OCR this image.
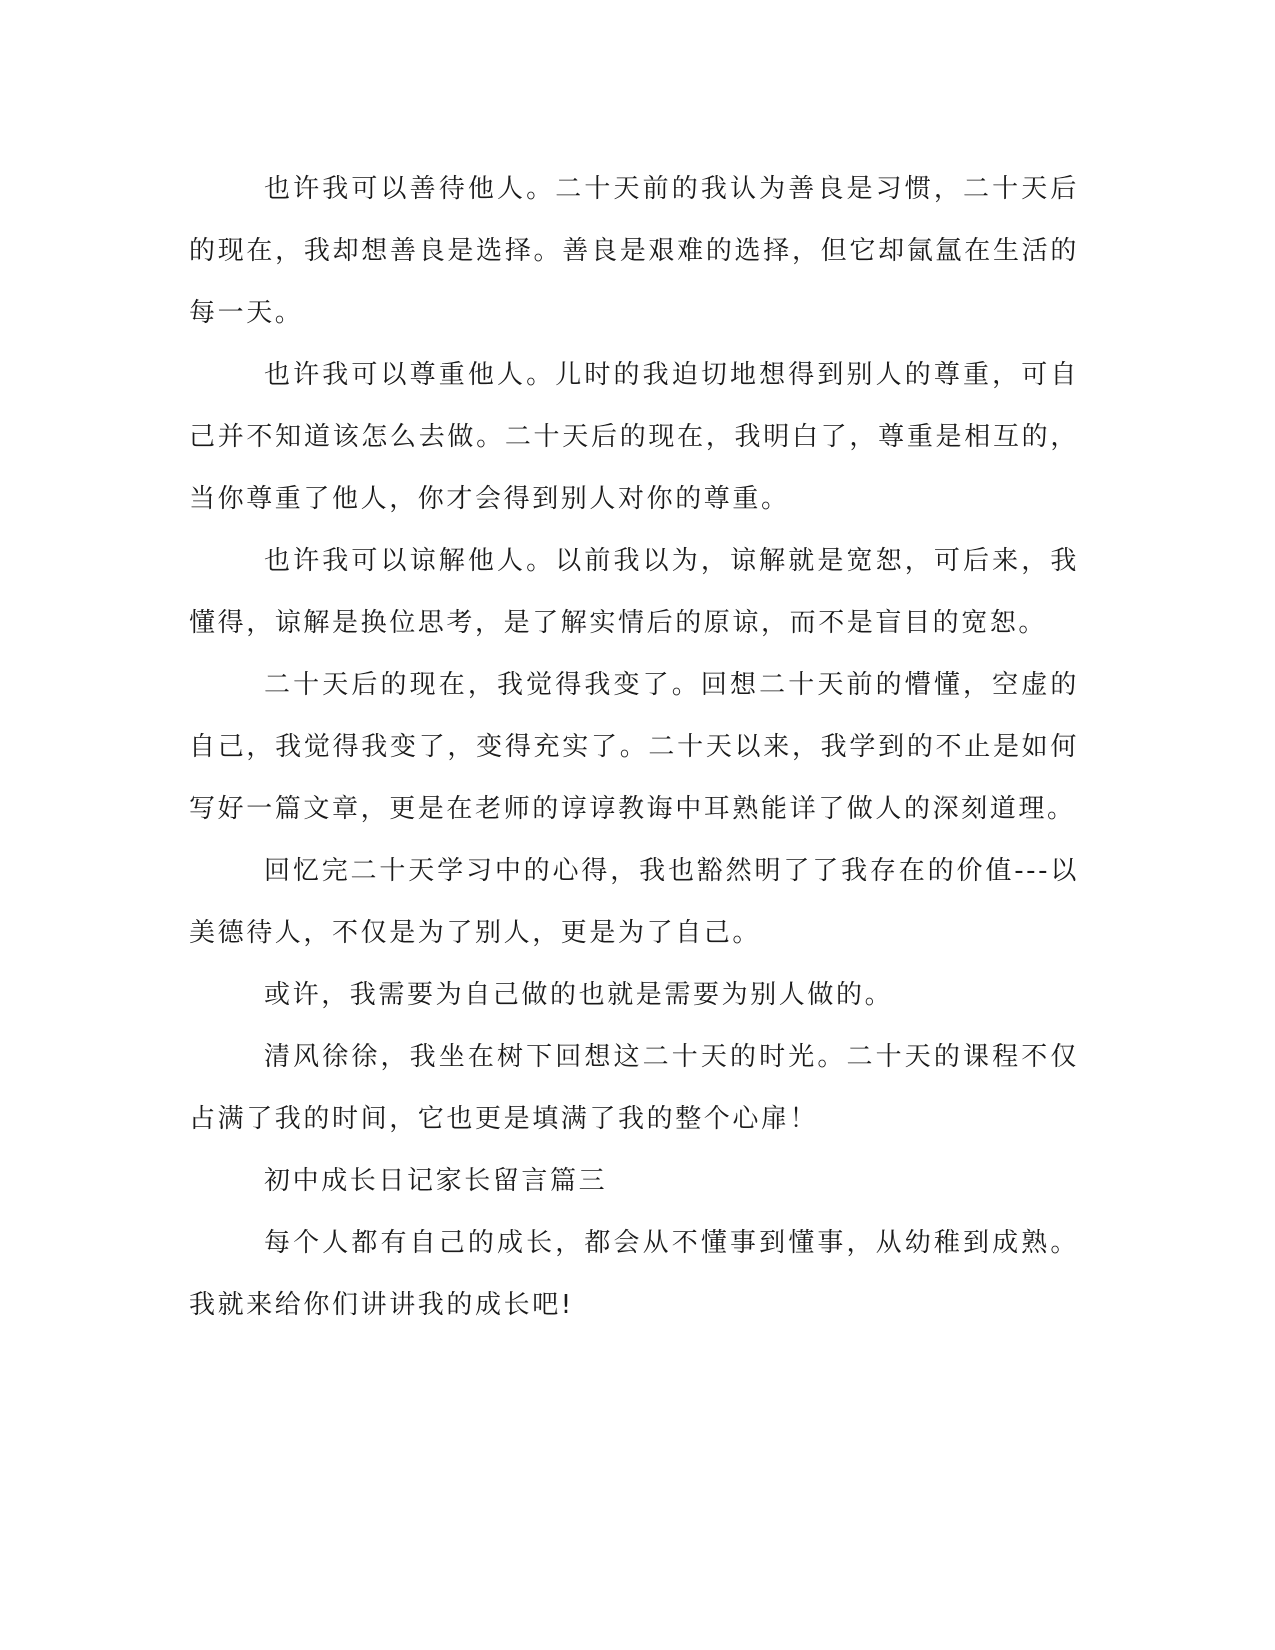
也许我可以善待他人。二十天前的我认为善良是习惯，二十天后的现在，我却想善良是选择。善良是艰难的选择，但它却氤氲在生活的每一天。

也许我可以尊重他人。儿时的我迫切地想得到别人的尊重，可自己并不知道该怎么去做。二十天后的现在，我明白了，尊重是相互的，当你尊重了他人，你才会得到别人对你的尊重。

也许我可以谅解他人。以前我以为，谅解就是宽恕，可后来，我懂得，谅解是换位思考，是了解实情后的原谅，而不是盲目的宽恕。

二十天后的现在，我觉得我变了。回想二十天前的懵懂，空虚的自己，我觉得我变了，变得充实了。二十天以来，我学到的不止是如何写好一篇文章，更是在老师的谆谆教诲中耳熟能详了做人的深刻道理。

回忆完二十天学习中的心得，我也豁然明了了我存在的价值---以美德待人，不仅是为了别人，更是为了自己。

或许，我需要为自己做的也就是需要为别人做的。

清风徐徐，我坐在树下回想这二十天的时光。二十天的课程不仅占满了我的时间，它也更是填满了我的整个心扉！

初中成长日记家长留言篇三

每个人都有自己的成长，都会从不懂事到懂事，从幼稚到成熟。我就来给你们讲讲我的成长吧!
